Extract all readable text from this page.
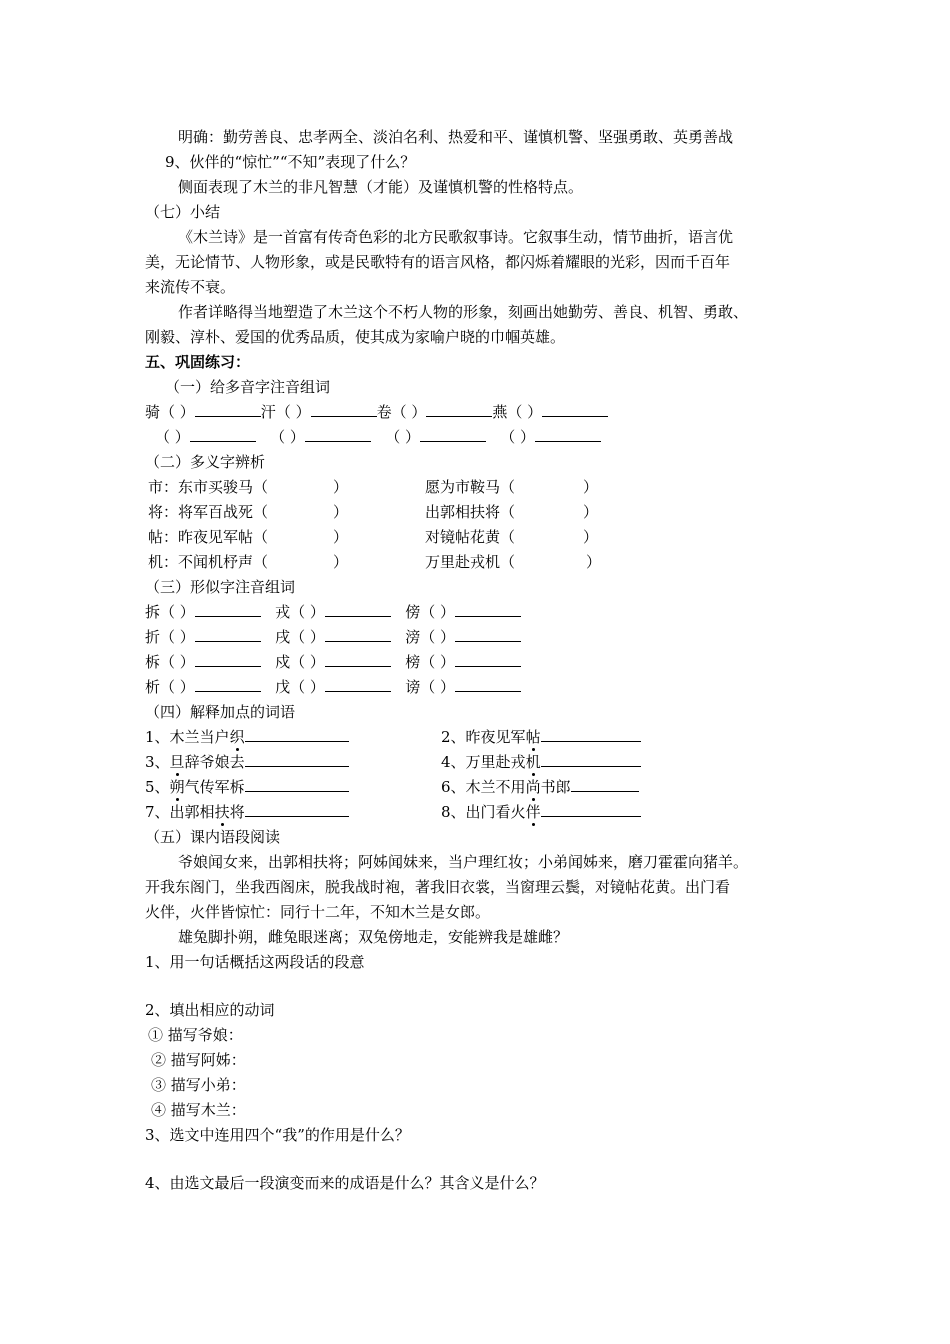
明确：勤劳善良、忠孝两全、淡泊名利、热爱和平、谨慎机警、坚强勇敢、英勇善战
9、伙伴的“惊忙”“不知”表现了什么？
侧面表现了木兰的非凡智慧（才能）及谨慎机警的性格特点。
（七）小结
《木兰诗》是一首富有传奇色彩的北方民歌叙事诗。它叙事生动，情节曲折，语言优
美，无论情节、人物形象，或是民歌特有的语言风格，都闪烁着耀眼的光彩，因而千百年
来流传不衰。
作者详略得当地塑造了木兰这个不朽人物的形象，刻画出她勤劳、善良、机智、勇敢、
刚毅、淳朴、爱国的优秀品质，使其成为家喻户晓的巾帼英雄。
五、巩固练习：
（一）给多音字注音组词
骑（ ）	汗（ ）	卷（ ）	燕（ ）
（ ）	（ ）	（ ）	（ ）
（二）多义字辨析
市：东市买骏马（	）	愿为市鞍马（	）
将：将军百战死（	）	出郭相扶将（	）
帖：昨夜见军帖（	）	对镜帖花黄（	）
机：不闻机杼声（	）	万里赴戎机（	）
（三）形似字注音组词
拆（ ）	戎（ ）	傍（ ）
折（ ）	戌（ ）	滂（ ）
柝（ ）	戍（ ）	榜（ ）
析（ ）	戊（ ）	谤（ ）
（四）解释加点的词语
1、木兰当户织	2、昨夜见军帖
3、旦辞爷娘去	4、万里赴戎机
5、朔气传军柝	6、木兰不用尚书郎
7、出郭相扶将	8、出门看火伴
（五）课内语段阅读
爷娘闻女来，出郭相扶将；阿姊闻妹来，当户理红妆；小弟闻姊来，磨刀霍霍向猪羊。
开我东阁门，坐我西阁床，脱我战时袍，著我旧衣裳，当窗理云鬓，对镜帖花黄。出门看
火伴，火伴皆惊忙：同行十二年，不知木兰是女郎。
雄兔脚扑朔，雌兔眼迷离；双兔傍地走，安能辨我是雄雌？
1、用一句话概括这两段话的段意
2、填出相应的动词
① 描写爷娘：
② 描写阿姊：
③ 描写小弟：
④ 描写木兰：
3、选文中连用四个“我”的作用是什么？
4、由选文最后一段演变而来的成语是什么？其含义是什么？
